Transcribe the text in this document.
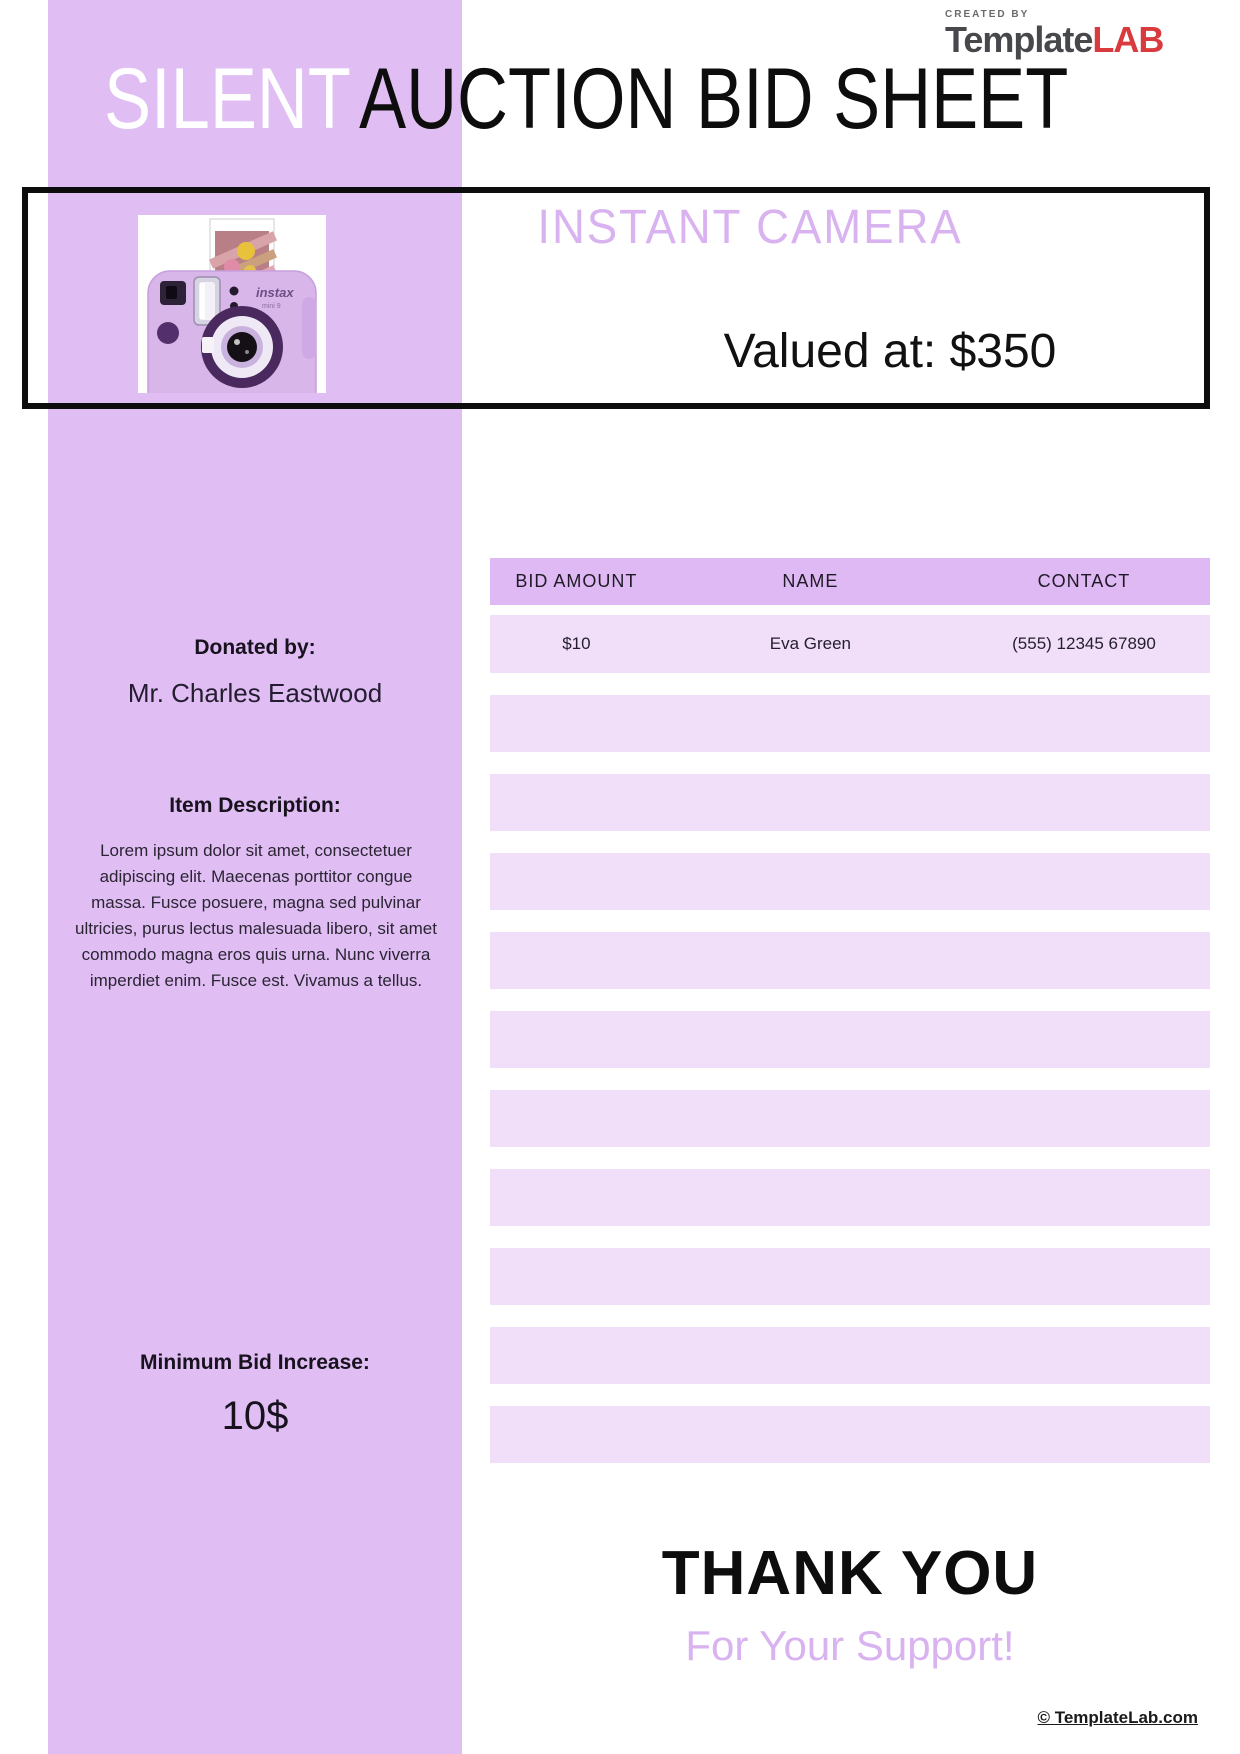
CREATED BY
TemplateLAB
SILENTAUCTION BID SHEET
instax
mini 9
INSTANT CAMERA
Valued at: $350
Donated by:
Mr. Charles Eastwood
Item Description:
Lorem ipsum dolor sit amet, consectetuer adipiscing elit. Maecenas porttitor congue massa. Fusce posuere, magna sed pulvinar ultricies, purus lectus malesuada libero, sit amet commodo magna eros quis urna. Nunc viverra imperdiet enim. Fusce est. Vivamus a tellus.
Minimum Bid Increase:
10$
BID AMOUNT	NAME	CONTACT
$10	Eva Green	(555) 12345 67890
THANK YOU
For Your Support!
© TemplateLab.com
